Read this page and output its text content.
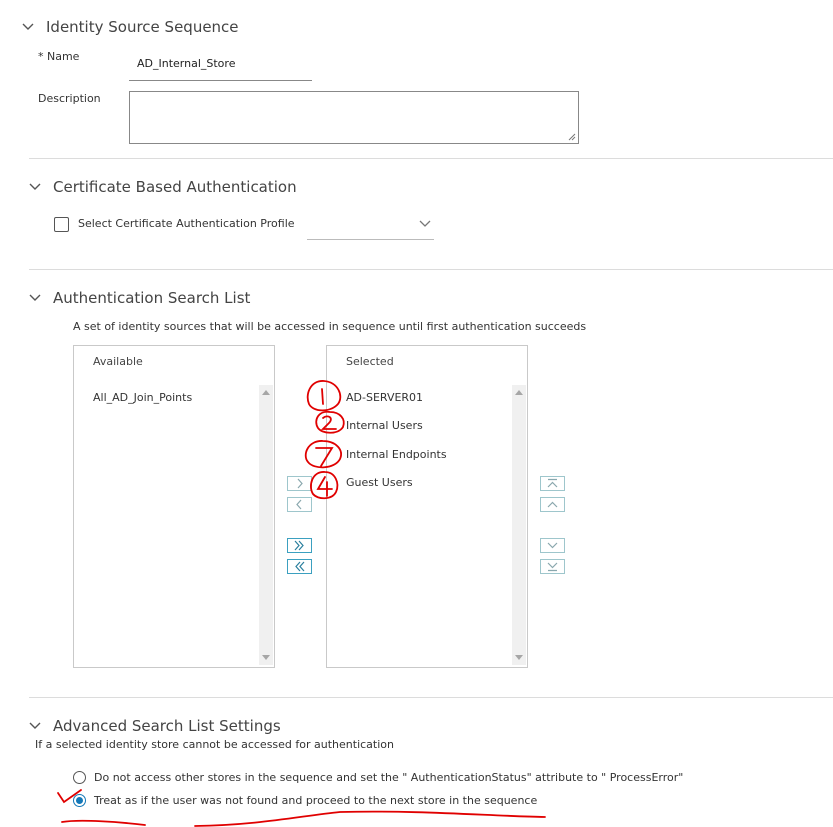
Identity Source Sequence
* Name
AD_Internal_Store
Description
Certificate Based Authentication
Select Certificate Authentication Profile
Authentication Search List
A set of identity sources that will be accessed in sequence until first authentication succeeds
Available
All_AD_Join_Points
Selected
AD-SERVER01
Internal Users
Internal Endpoints
Guest Users
Advanced Search List Settings
If a selected identity store cannot be accessed for authentication
Do not access other stores in the sequence and set the " AuthenticationStatus" attribute to " ProcessError"
Treat as if the user was not found and proceed to the next store in the sequence
